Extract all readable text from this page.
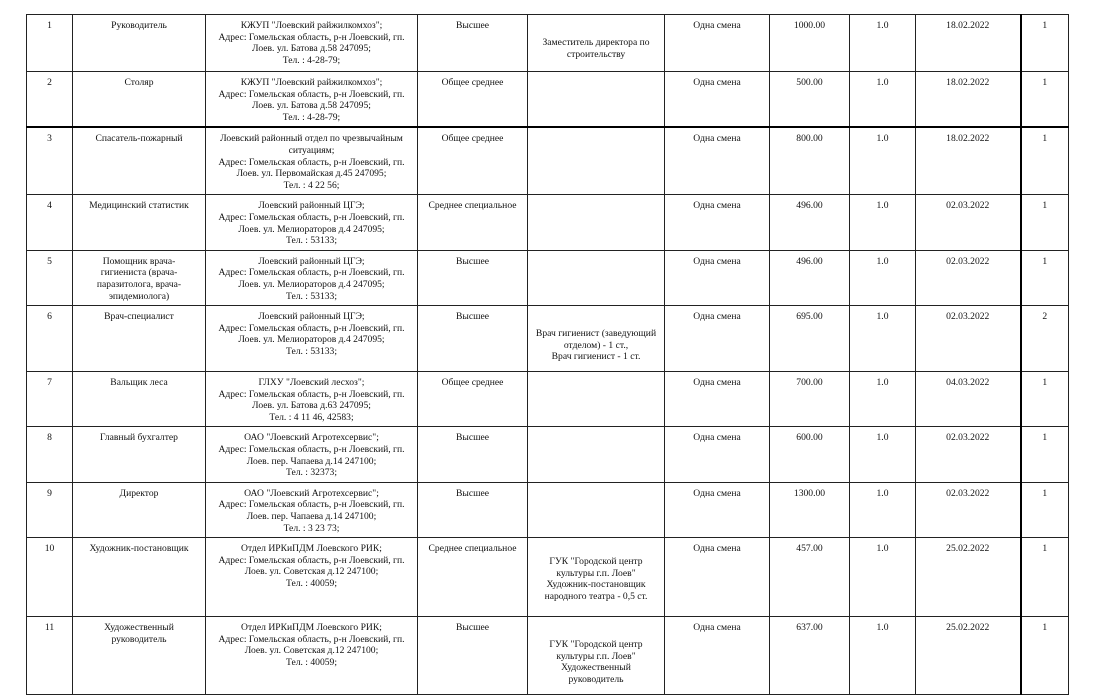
1	Руководитель	КЖУП "Лоевский райжилкомхоз";
Адрес: Гомельская область, р-н Лоевский, гп.
Лоев. ул. Батова д.58 247095;
Тел. : 4-28-79;	Высшее	Заместитель директора по
строительству	Одна смена	1000.00	1.0	18.02.2022	1
2	Столяр	КЖУП "Лоевский райжилкомхоз";
Адрес: Гомельская область, р-н Лоевский, гп.
Лоев. ул. Батова д.58 247095;
Тел. : 4-28-79;	Общее среднее		Одна смена	500.00	1.0	18.02.2022	1
3	Спасатель-пожарный	Лоевский районный отдел по чрезвычайным
ситуациям;
Адрес: Гомельская область, р-н Лоевский, гп.
Лоев. ул. Первомайская д.45 247095;
Тел. : 4 22 56;	Общее среднее		Одна смена	800.00	1.0	18.02.2022	1
4	Медицинский статистик	Лоевский районный ЦГЭ;
Адрес: Гомельская область, р-н Лоевский, гп.
Лоев. ул. Мелиораторов д.4 247095;
Тел. : 53133;	Среднее специальное		Одна смена	496.00	1.0	02.03.2022	1
5	Помощник врача-
гигиениста (врача-
паразитолога, врача-
эпидемиолога)	Лоевский районный ЦГЭ;
Адрес: Гомельская область, р-н Лоевский, гп.
Лоев. ул. Мелиораторов д.4 247095;
Тел. : 53133;	Высшее		Одна смена	496.00	1.0	02.03.2022	1
6	Врач-специалист	Лоевский районный ЦГЭ;
Адрес: Гомельская область, р-н Лоевский, гп.
Лоев. ул. Мелиораторов д.4 247095;
Тел. : 53133;	Высшее	Врач гигиенист (заведующий
отделом) - 1 ст.,
Врач гигиенист - 1 ст.	Одна смена	695.00	1.0	02.03.2022	2
7	Вальщик леса	ГЛХУ "Лоевский лесхоз";
Адрес: Гомельская область, р-н Лоевский, гп.
Лоев. ул. Батова д.63 247095;
Тел. : 4 11 46, 42583;	Общее среднее		Одна смена	700.00	1.0	04.03.2022	1
8	Главный бухгалтер	ОАО "Лоевский Агротехсервис";
Адрес: Гомельская область, р-н Лоевский, гп.
Лоев. пер. Чапаева д.14 247100;
Тел. : 32373;	Высшее		Одна смена	600.00	1.0	02.03.2022	1
9	Директор	ОАО "Лоевский Агротехсервис";
Адрес: Гомельская область, р-н Лоевский, гп.
Лоев. пер. Чапаева д.14 247100;
Тел. : 3 23 73;	Высшее		Одна смена	1300.00	1.0	02.03.2022	1
10	Художник-постановщик	Отдел ИРКиПДМ Лоевского РИК;
Адрес: Гомельская область, р-н Лоевский, гп.
Лоев. ул. Советская д.12 247100;
Тел. : 40059;	Среднее специальное	ГУК "Городской центр
культуры г.п. Лоев"
Художник-постановщик
народного театра - 0,5 ст.	Одна смена	457.00	1.0	25.02.2022	1
11	Художественный
руководитель	Отдел ИРКиПДМ Лоевского РИК;
Адрес: Гомельская область, р-н Лоевский, гп.
Лоев. ул. Советская д.12 247100;
Тел. : 40059;	Высшее	ГУК "Городской центр
культуры г.п. Лоев"
Художественный
руководитель	Одна смена	637.00	1.0	25.02.2022	1
